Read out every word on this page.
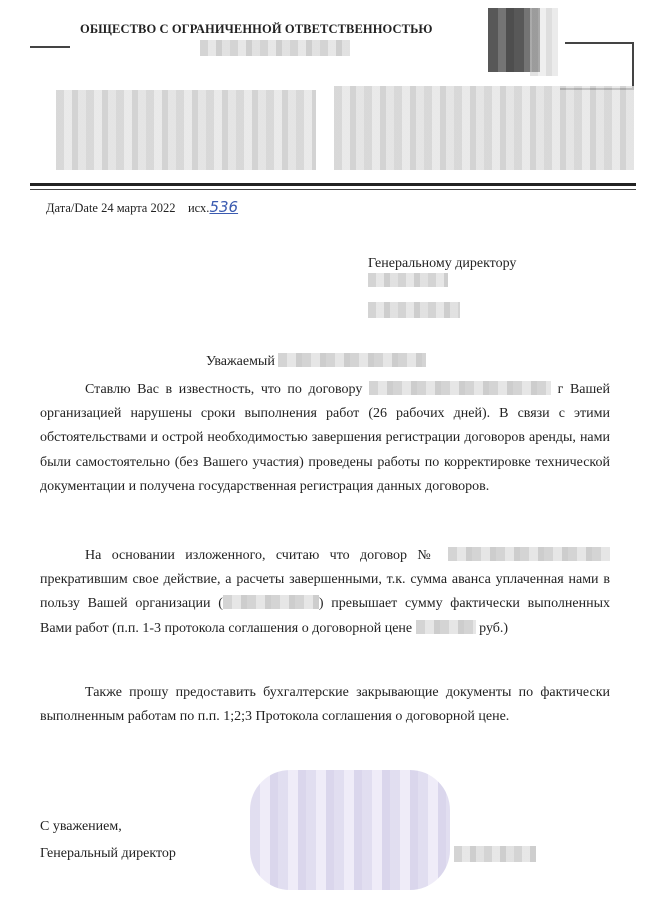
ОБЩЕСТВО С ОГРАНИЧЕННОЙ ОТВЕТСТВЕННОСТЬЮ
Дата/Date 24 марта 2022 исх.536
Генеральному директору
Уважаемый
Ставлю Вас в известность, что по договору	г Вашей организацией нарушены сроки выполнения работ (26 рабочих дней). В связи с этими обстоятельствами и острой необходимостью завершения регистрации договоров аренды, нами были самостоятельно (без Вашего участия) проведены работы по корректировке технической документации и получена государственная регистрация данных договоров.
На основании изложенного, считаю что договор №  прекратившим свое действие, а расчеты завершенными, т.к. сумма аванса уплаченная нами в пользу Вашей организации (	) превышает сумму фактически выполненных Вами работ (п.п. 1-3 протокола соглашения о договорной цене	руб.)
Также прошу предоставить бухгалтерские закрывающие документы по фактически выполненным работам по п.п. 1;2;3 Протокола соглашения о договорной цене.
С уважением,
Генеральный директор
